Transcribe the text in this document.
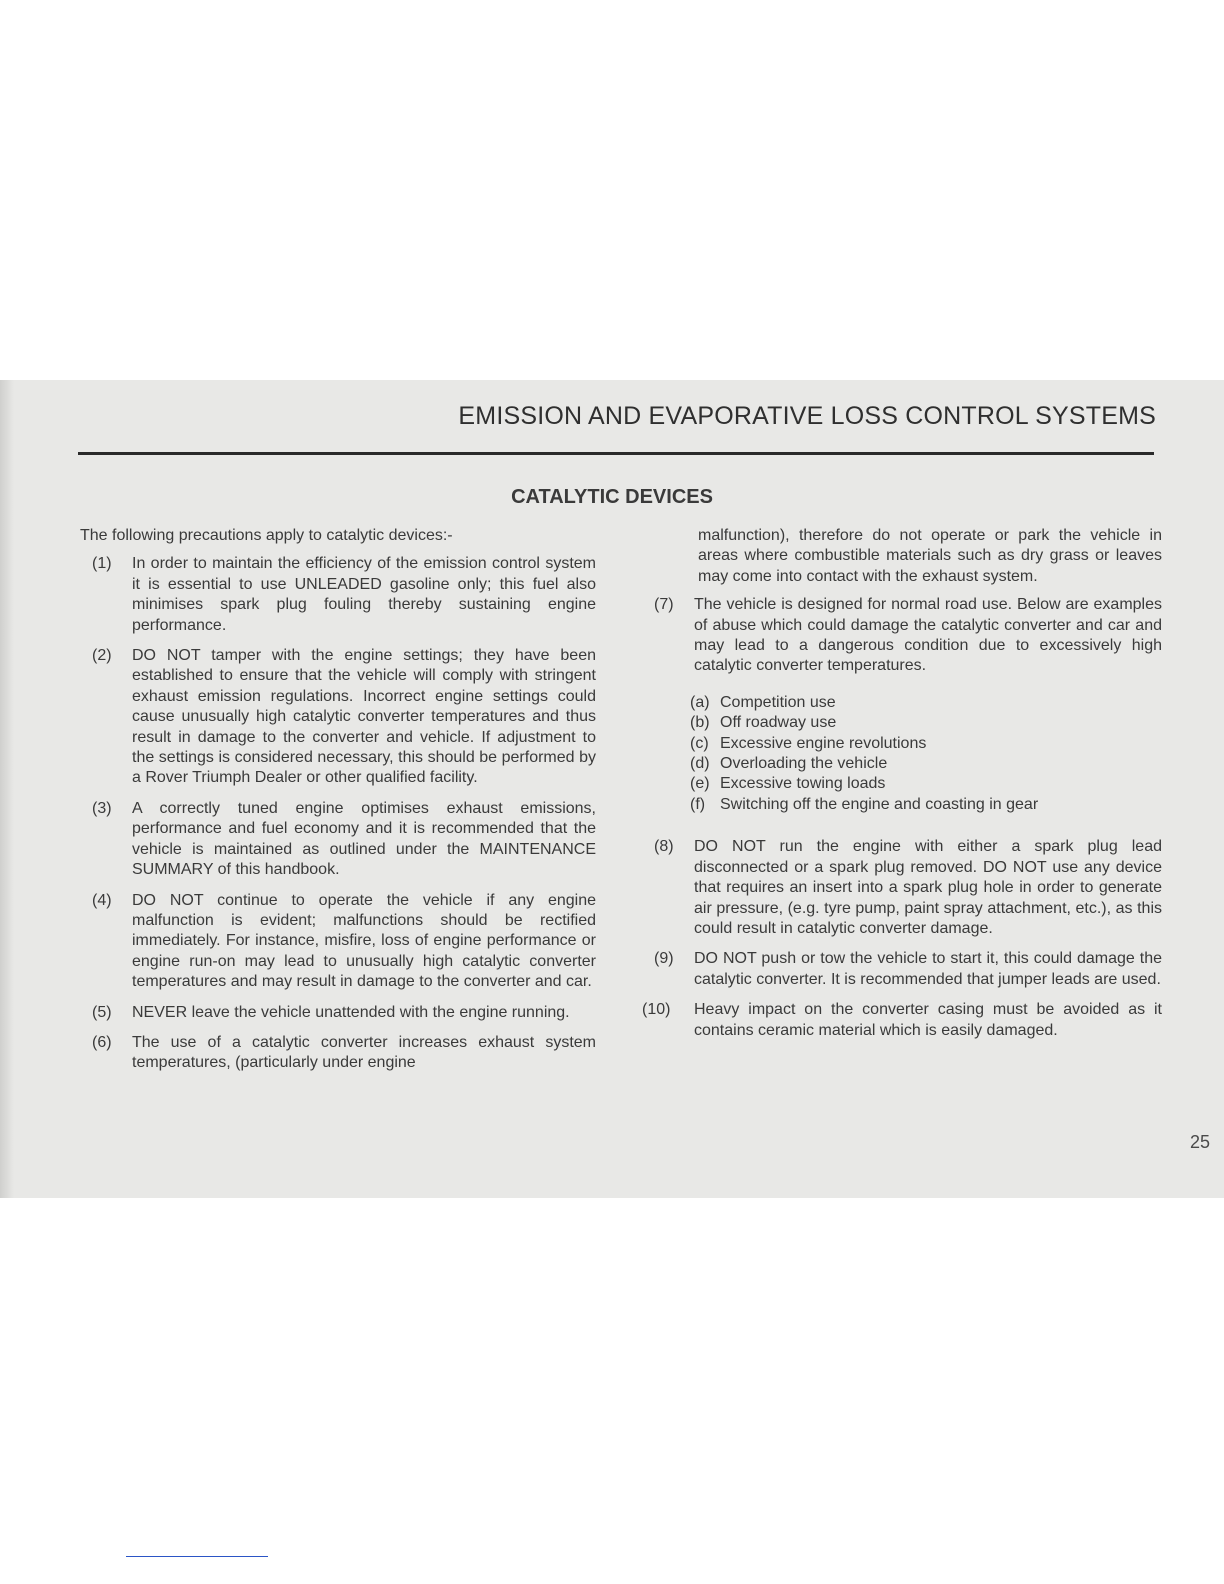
EMISSION AND EVAPORATIVE LOSS CONTROL SYSTEMS
CATALYTIC DEVICES

The following precautions apply to catalytic devices:-

(1) In order to maintain the efficiency of the emission control system it is essential to use UNLEADED gasoline only; this fuel also minimises spark plug fouling thereby sustaining engine performance.
(2) DO NOT tamper with the engine settings; they have been established to ensure that the vehicle will comply with stringent exhaust emission regulations. Incorrect engine settings could cause unusually high catalytic converter temperatures and thus result in damage to the converter and vehicle. If adjustment to the settings is considered necessary, this should be performed by a Rover Triumph Dealer or other qualified facility.
(3) A correctly tuned engine optimises exhaust emissions, performance and fuel economy and it is recommended that the vehicle is maintained as outlined under the MAINTENANCE SUMMARY of this handbook.
(4) DO NOT continue to operate the vehicle if any engine malfunction is evident; malfunctions should be rectified immediately. For instance, misfire, loss of engine performance or engine run-on may lead to unusually high catalytic converter temperatures and may result in damage to the converter and car.
(5) NEVER leave the vehicle unattended with the engine running.
(6) The use of a catalytic converter increases exhaust system temperatures, (particularly under engine

malfunction), therefore do not operate or park the vehicle in areas where combustible materials such as dry grass or leaves may come into contact with the exhaust system.

(7) The vehicle is designed for normal road use. Below are examples of abuse which could damage the catalytic converter and car and may lead to a dangerous condition due to excessively high catalytic converter temperatures.
(a) Competition use
(b) Off roadway use
(c) Excessive engine revolutions
(d) Overloading the vehicle
(e) Excessive towing loads
(f) Switching off the engine and coasting in gear
(8) DO NOT run the engine with either a spark plug lead disconnected or a spark plug removed. DO NOT use any device that requires an insert into a spark plug hole in order to generate air pressure, (e.g. tyre pump, paint spray attachment, etc.), as this could result in catalytic converter damage.
(9) DO NOT push or tow the vehicle to start it, this could damage the catalytic converter. It is recommended that jumper leads are used.
(10) Heavy impact on the converter casing must be avoided as it contains ceramic material which is easily damaged.
25
